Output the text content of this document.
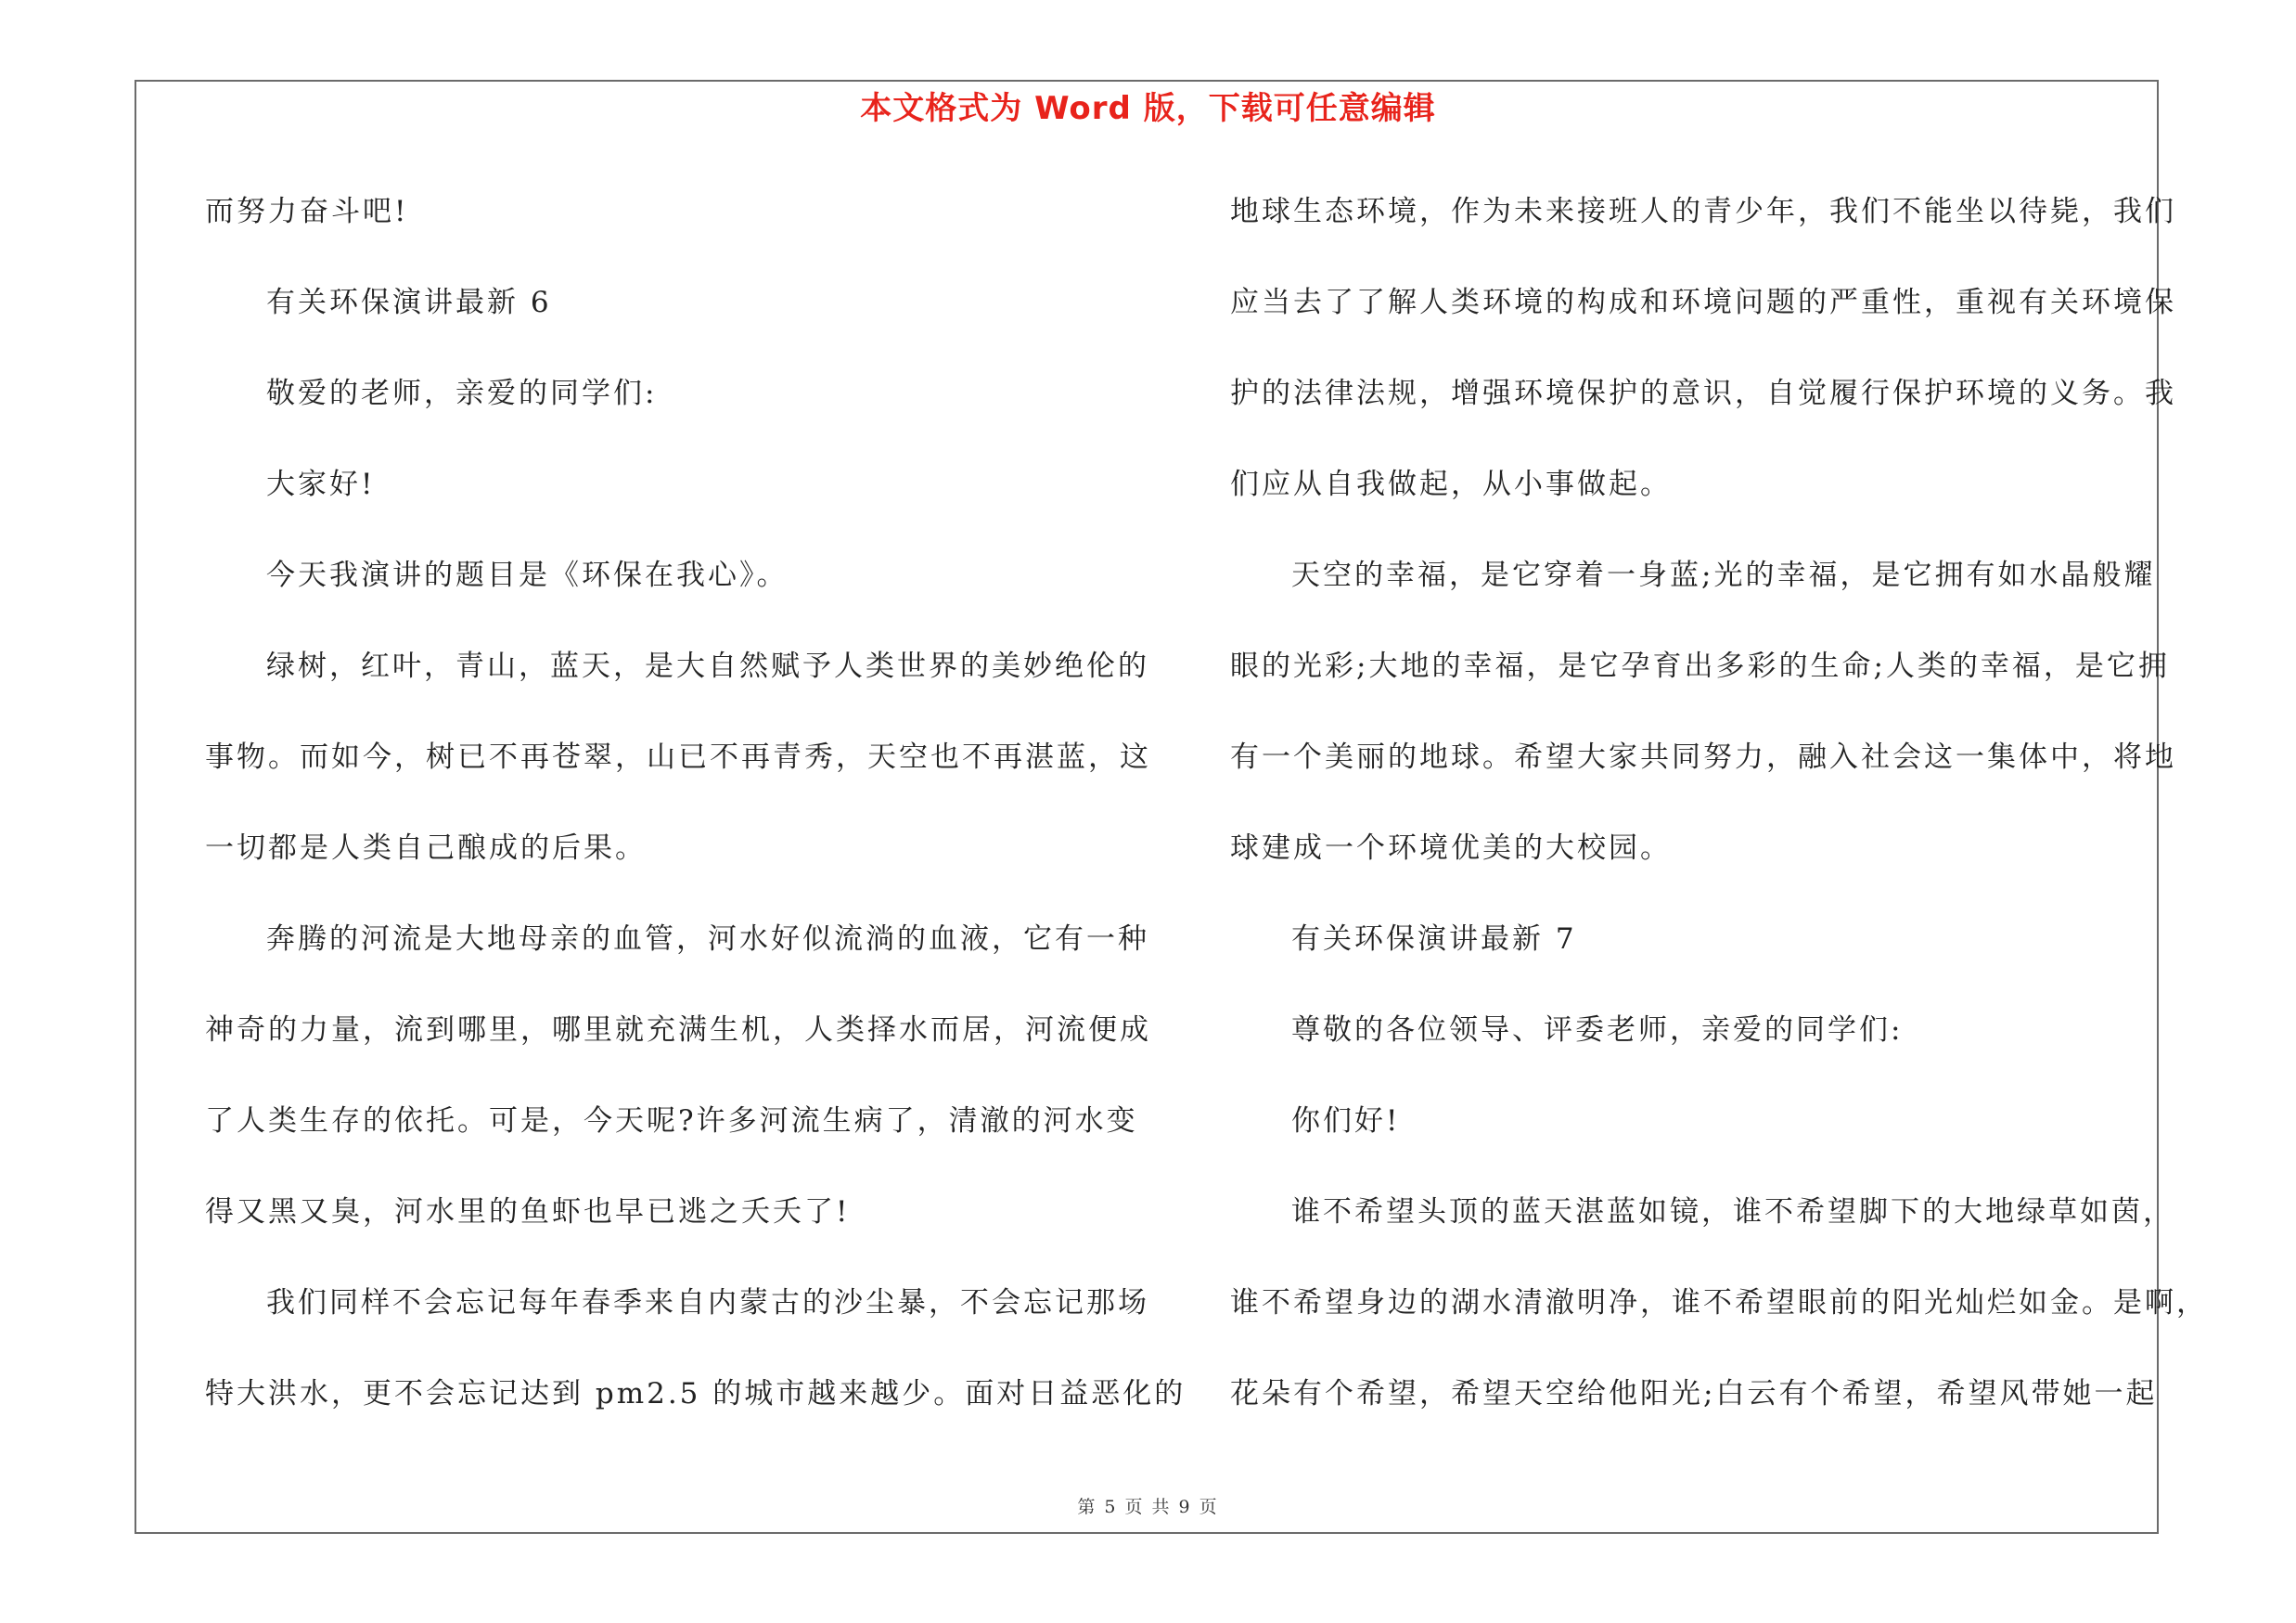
本文格式为 Word 版，下载可任意编辑
而努力奋斗吧!
有关环保演讲最新 6
敬爱的老师，亲爱的同学们:
大家好!
今天我演讲的题目是《环保在我心》。
绿树，红叶，青山，蓝天，是大自然赋予人类世界的美妙绝伦的
事物。而如今，树已不再苍翠，山已不再青秀，天空也不再湛蓝，这
一切都是人类自己酿成的后果。
奔腾的河流是大地母亲的血管，河水好似流淌的血液，它有一种
神奇的力量，流到哪里，哪里就充满生机，人类择水而居，河流便成
了人类生存的依托。可是，今天呢?许多河流生病了，清澈的河水变
得又黑又臭，河水里的鱼虾也早已逃之夭夭了!
我们同样不会忘记每年春季来自内蒙古的沙尘暴，不会忘记那场
特大洪水，更不会忘记达到 pm2.5 的城市越来越少。面对日益恶化的
地球生态环境，作为未来接班人的青少年，我们不能坐以待毙，我们
应当去了了解人类环境的构成和环境问题的严重性，重视有关环境保
护的法律法规，增强环境保护的意识，自觉履行保护环境的义务。我
们应从自我做起，从小事做起。
天空的幸福，是它穿着一身蓝;光的幸福，是它拥有如水晶般耀
眼的光彩;大地的幸福，是它孕育出多彩的生命;人类的幸福，是它拥
有一个美丽的地球。希望大家共同努力，融入社会这一集体中，将地
球建成一个环境优美的大校园。
有关环保演讲最新 7
尊敬的各位领导、评委老师，亲爱的同学们:
你们好!
谁不希望头顶的蓝天湛蓝如镜，谁不希望脚下的大地绿草如茵，
谁不希望身边的湖水清澈明净，谁不希望眼前的阳光灿烂如金。是啊，
花朵有个希望，希望天空给他阳光;白云有个希望，希望风带她一起
第 5 页 共 9 页
